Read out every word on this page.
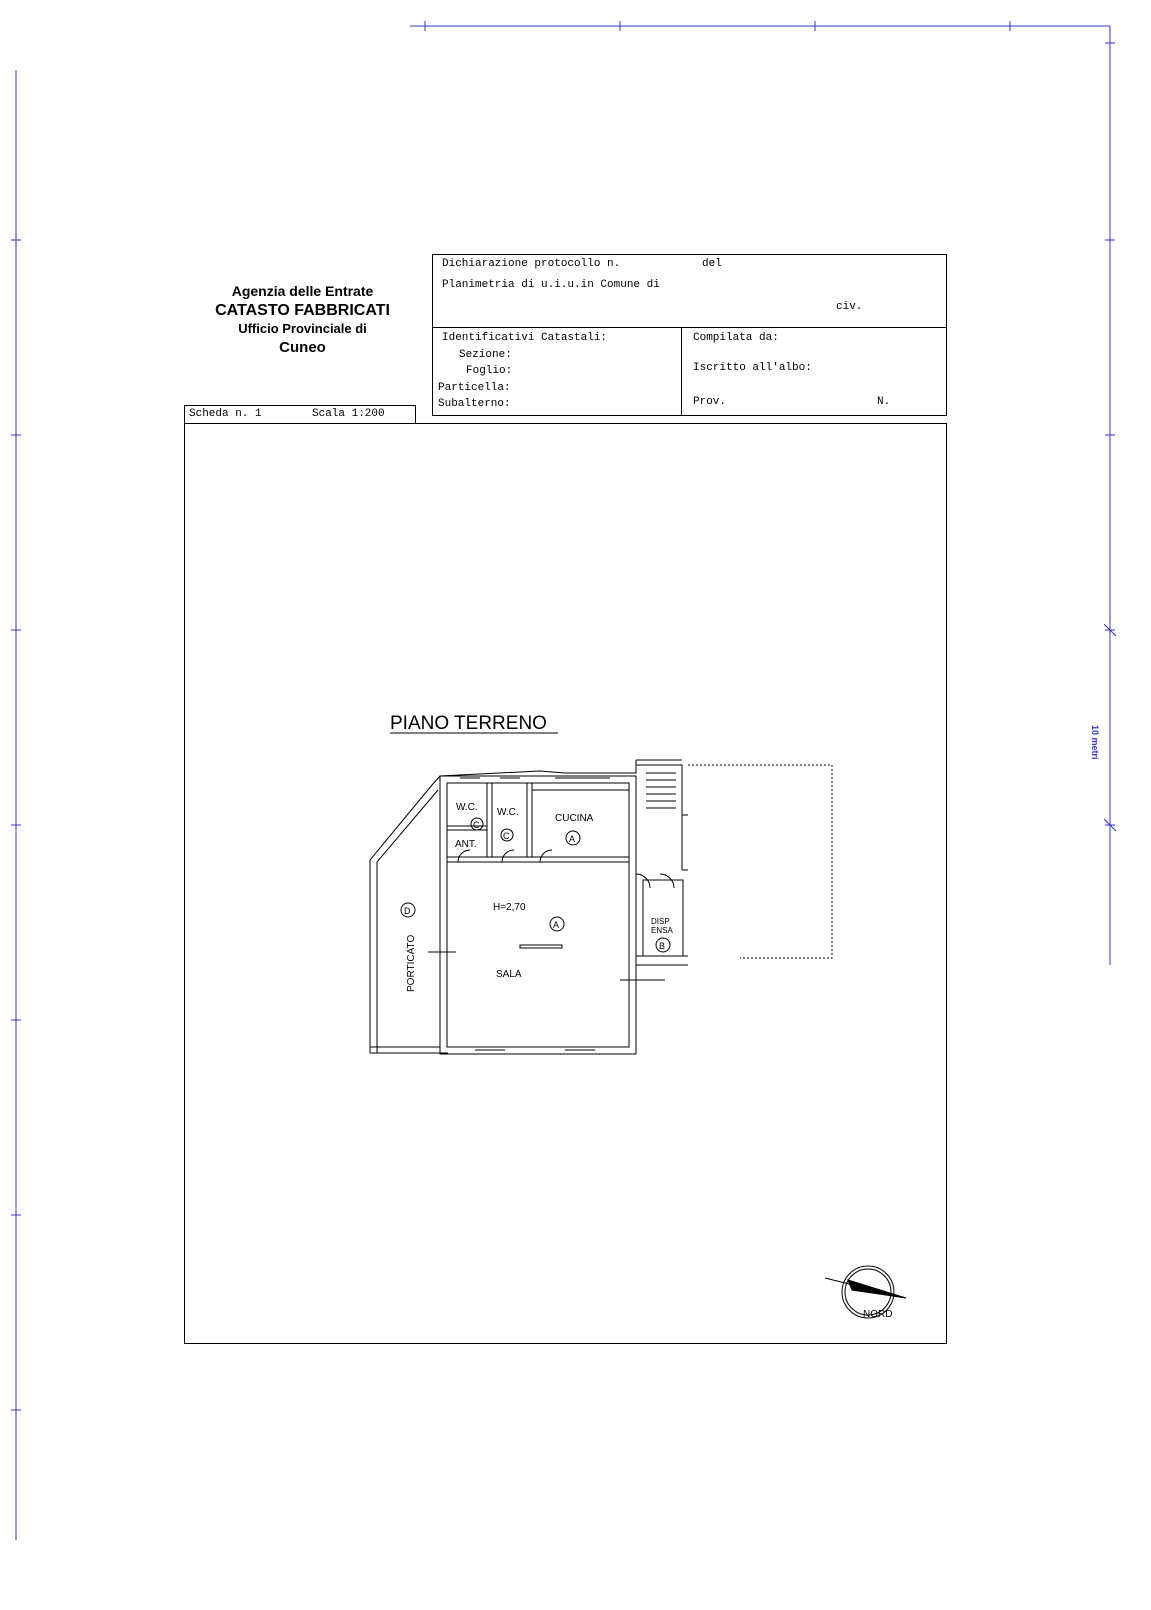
10 metri
Agenzia delle Entrate
CATASTO FABBRICATI
Ufficio Provinciale di
Cuneo
Dichiarazione protocollo n.	del
Planimetria di u.i.u.in Comune di
civ.
Identificativi Catastali:
Sezione:
Foglio:
Particella:
Subalterno:
Compilata da:
Iscritto all'albo:
Prov.	N.
Scheda n. 1	Scala 1:200
PIANO TERRENO
W.C. W.C.
CUCINA
ANT.
H=2,70
SALA
PORTICATO
DISP
ENSA
C
C	A
A
D
B
NORD
